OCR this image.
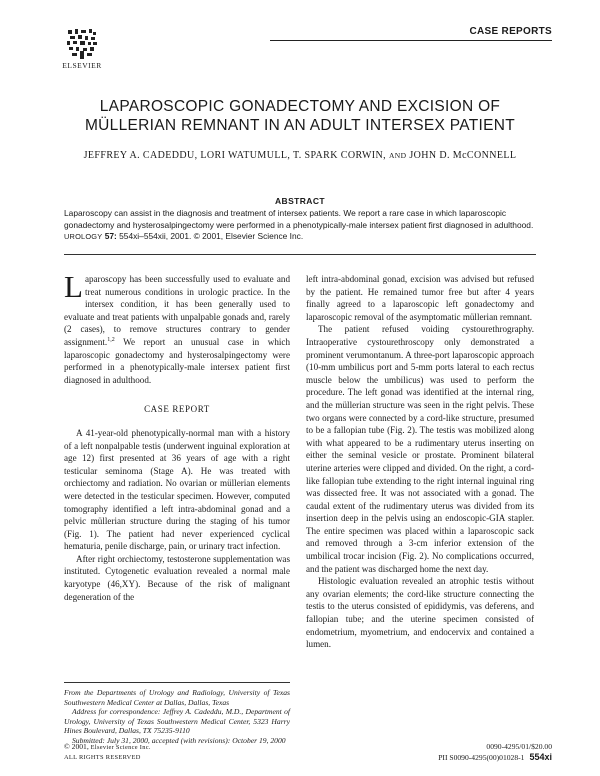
ELSEVIER
CASE REPORTS
LAPAROSCOPIC GONADECTOMY AND EXCISION OF
MÜLLERIAN REMNANT IN AN ADULT INTERSEX PATIENT
JEFFREY A. CADEDDU, LORI WATUMULL, T. SPARK CORWIN, AND JOHN D. McCONNELL
ABSTRACT
Laparoscopy can assist in the diagnosis and treatment of intersex patients. We report a rare case in which laparoscopic gonadectomy and hysterosalpingectomy were performed in a phenotypically-male intersex patient first diagnosed in adulthood. UROLOGY 57: 554xi–554xii, 2001. © 2001, Elsevier Science Inc.

Laparoscopy has been successfully used to evaluate and treat numerous conditions in urologic practice. In the intersex condition, it has been generally used to evaluate and treat patients with unpalpable gonads and, rarely (2 cases), to remove structures contrary to gender assignment.$^{1,2}$ We report an unusual case in which laparoscopic gonadectomy and hysterosalpingectomy were performed in a phenotypically-male intersex patient first diagnosed in adulthood.

CASE REPORT

A 41-year-old phenotypically-normal man with a history of a left nonpalpable testis (underwent inguinal exploration at age 12) first presented at 36 years of age with a right testicular seminoma (Stage A). He was treated with orchiectomy and radiation. No ovarian or müllerian elements were detected in the testicular specimen. However, computed tomography identified a left intra-abdominal gonad and a pelvic müllerian structure during the staging of his tumor (Fig. 1). The patient had never experienced cyclical hematuria, penile discharge, pain, or urinary tract infection.

After right orchiectomy, testosterone supplementation was instituted. Cytogenetic evaluation revealed a normal male karyotype (46,XY). Because of the risk of malignant degeneration of the

left intra-abdominal gonad, excision was advised but refused by the patient. He remained tumor free but after 4 years finally agreed to a laparoscopic left gonadectomy and laparoscopic removal of the asymptomatic müllerian remnant.

The patient refused voiding cystourethrography. Intraoperative cystourethroscopy only demonstrated a prominent verumontanum. A three-port laparoscopic approach (10-mm umbilicus port and 5-mm ports lateral to each rectus muscle below the umbilicus) was used to perform the procedure. The left gonad was identified at the internal ring, and the müllerian structure was seen in the right pelvis. These two organs were connected by a cord-like structure, presumed to be a fallopian tube (Fig. 2). The testis was mobilized along with what appeared to be a rudimentary uterus inserting on either the seminal vesicle or prostate. Prominent bilateral uterine arteries were clipped and divided. On the right, a cord-like fallopian tube extending to the right internal inguinal ring was dissected free. It was not associated with a gonad. The caudal extent of the rudimentary uterus was divided from its insertion deep in the pelvis using an endoscopic-GIA stapler. The entire specimen was placed within a laparoscopic sack and removed through a 3-cm inferior extension of the umbilical trocar incision (Fig. 2). No complications occurred, and the patient was discharged home the next day.

Histologic evaluation revealed an atrophic testis without any ovarian elements; the cord-like structure connecting the testis to the uterus consisted of epididymis, vas deferens, and fallopian tube; and the uterine specimen consisted of endometrium, myometrium, and endocervix and contained a lumen.

From the Departments of Urology and Radiology, University of Texas Southwestern Medical Center at Dallas, Dallas, Texas
Address for correspondence: Jeffrey A. Cadeddu, M.D., Department of Urology, University of Texas Southwestern Medical Center, 5323 Harry Hines Boulevard, Dallas, TX 75235-9110
Submitted: July 31, 2000, accepted (with revisions): October 19, 2000
© 2001, Elsevier Science Inc.
ALL RIGHTS RESERVED
0090-4295/01/$20.00
PII S0090-4295(00)01028-1 554xi
